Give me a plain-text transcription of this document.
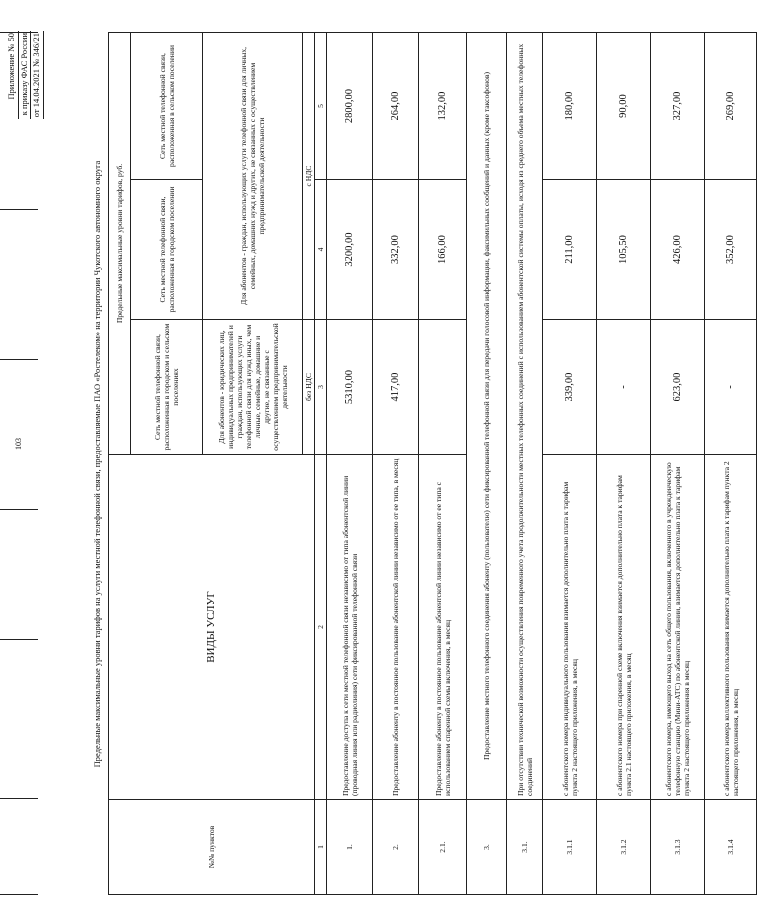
103
Приложение № 50 к приказу ФАС России от 14.04.2021 № 346/21
Предельные максимальные уровни тарифов на услуги местной телефонной связи, предоставляемые ПАО «Ростелеком» на территории Чукотского автономного округа
№№ пунктов	ВИДЫ УСЛУГ	Предельные максимальные уровни тарифов, руб.		
		Сеть местной телефонной связи, расположенная в городском и сельском поселениях	Сеть местной телефонной связи, расположенная в городском поселении	Сеть местной телефонной связи, расположенная в сельском поселении
		Для абонентов - юридических лиц, индивидуальных предпринимателей и граждан, использующих услуги телефонной связи для нужд иных, чем личные, семейные, домашние и другие, не связанные с осуществлением предпринимательской деятельности	Для абонентов - граждан, использующих услуги телефонной связи для личных, семейных, домашних нужд и других, не связанных с осуществлением предпринимательской деятельности	
		без НДС	с НДС	
1	2	3	4	5
1.	Предоставление доступа к сети местной телефонной связи независимо от типа абонентской линии (проводная линия или радиолиния) сети фиксированной телефонной связи	5310,00	3200,00	2800,00
2.	Предоставление абоненту в постоянное пользование абонентской линии независимо от ее типа, в месяц	417,00	332,00	264,00
2.1.	Предоставление абоненту в постоянное пользование абонентской линии независимо от ее типа с использованием спаренной схемы включения, в месяц		166,00	132,00
3.	Предоставление местного телефонного соединения абоненту (пользователю) сети фиксированной телефонной связи для передачи голосовой информации, факсимильных сообщений и данных (кроме таксофонов)			
3.1.	При отсутствии технической возможности осуществления повременного учета продолжительности местных телефонных соединений с использованием абонентской системы оплаты, исходя из среднего объема местных телефонных соединений			
3.1.1	с абонентского номера индивидуального пользования взимается дополнительно плата к тарифам пункта 2 настоящего приложения, в месяц	339,00	211,00	180,00
3.1.2	с абонентского номера при спаренной схеме включения взимается дополнительно плата к тарифам пункта 2.1 настоящего приложения, в месяц	-	105,50	90,00
3.1.3	с абонентского номера, имеющего выход на сеть общего пользования, включенного в учрежденческую телефонную станцию (Мини-АТС) по абонентской линии, взимается дополнительно плата к тарифам пункта 2 настоящего приложения в месяц	623,00	426,00	327,00
3.1.4	с абонентского номера коллективного пользования взимается дополнительно плата к тарифам пункта 2 настоящего приложения, в месяц	-	352,00	269,00
